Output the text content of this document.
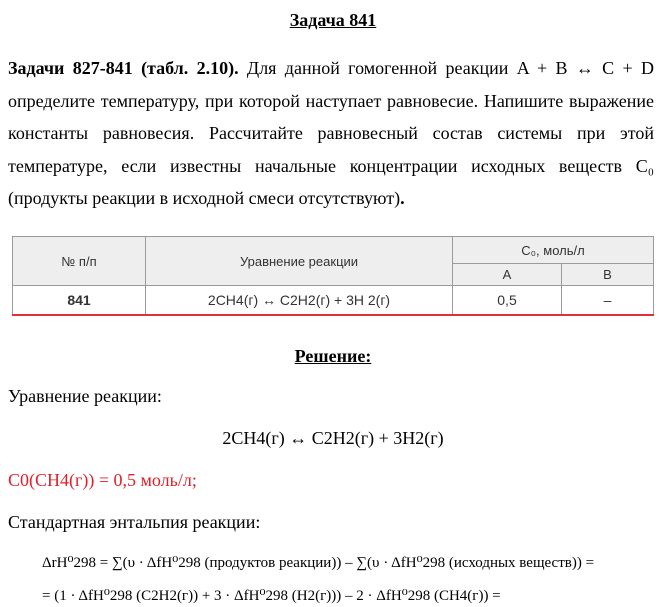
Задача 841
Задачи 827-841 (табл. 2.10). Для данной гомогенной реакции A + B ↔ C + D определите температуру, при которой наступает равновесие. Напишите выражение константы равновесия. Рассчитайте равновесный состав системы при этой температуре, если известны начальные концентрации исходных веществ С₀ (продукты реакции в исходной смеси отсутствуют).
№ п/п	Уравнение реакции	C₀, моль/л	
		A	B
841	2CH4(г) ↔ C2H2(г) + 3H 2(г)	0,5	–
Решение:
Уравнение реакции:
2CH4(г) ↔ C2H2(г) + 3H2(г)
C0(CH4(г)) = 0,5 моль/л;
Стандартная энтальпия реакции:
ΔrH⁰298 = ∑(υ · ΔfH⁰298 (продуктов реакции)) – ∑(υ · ΔfH⁰298 (исходных веществ)) =
= (1 · ΔfH⁰298 (C2H2(г)) + 3 · ΔfH⁰298 (H2(г))) – 2 · ΔfH⁰298 (CH4(г)) =
